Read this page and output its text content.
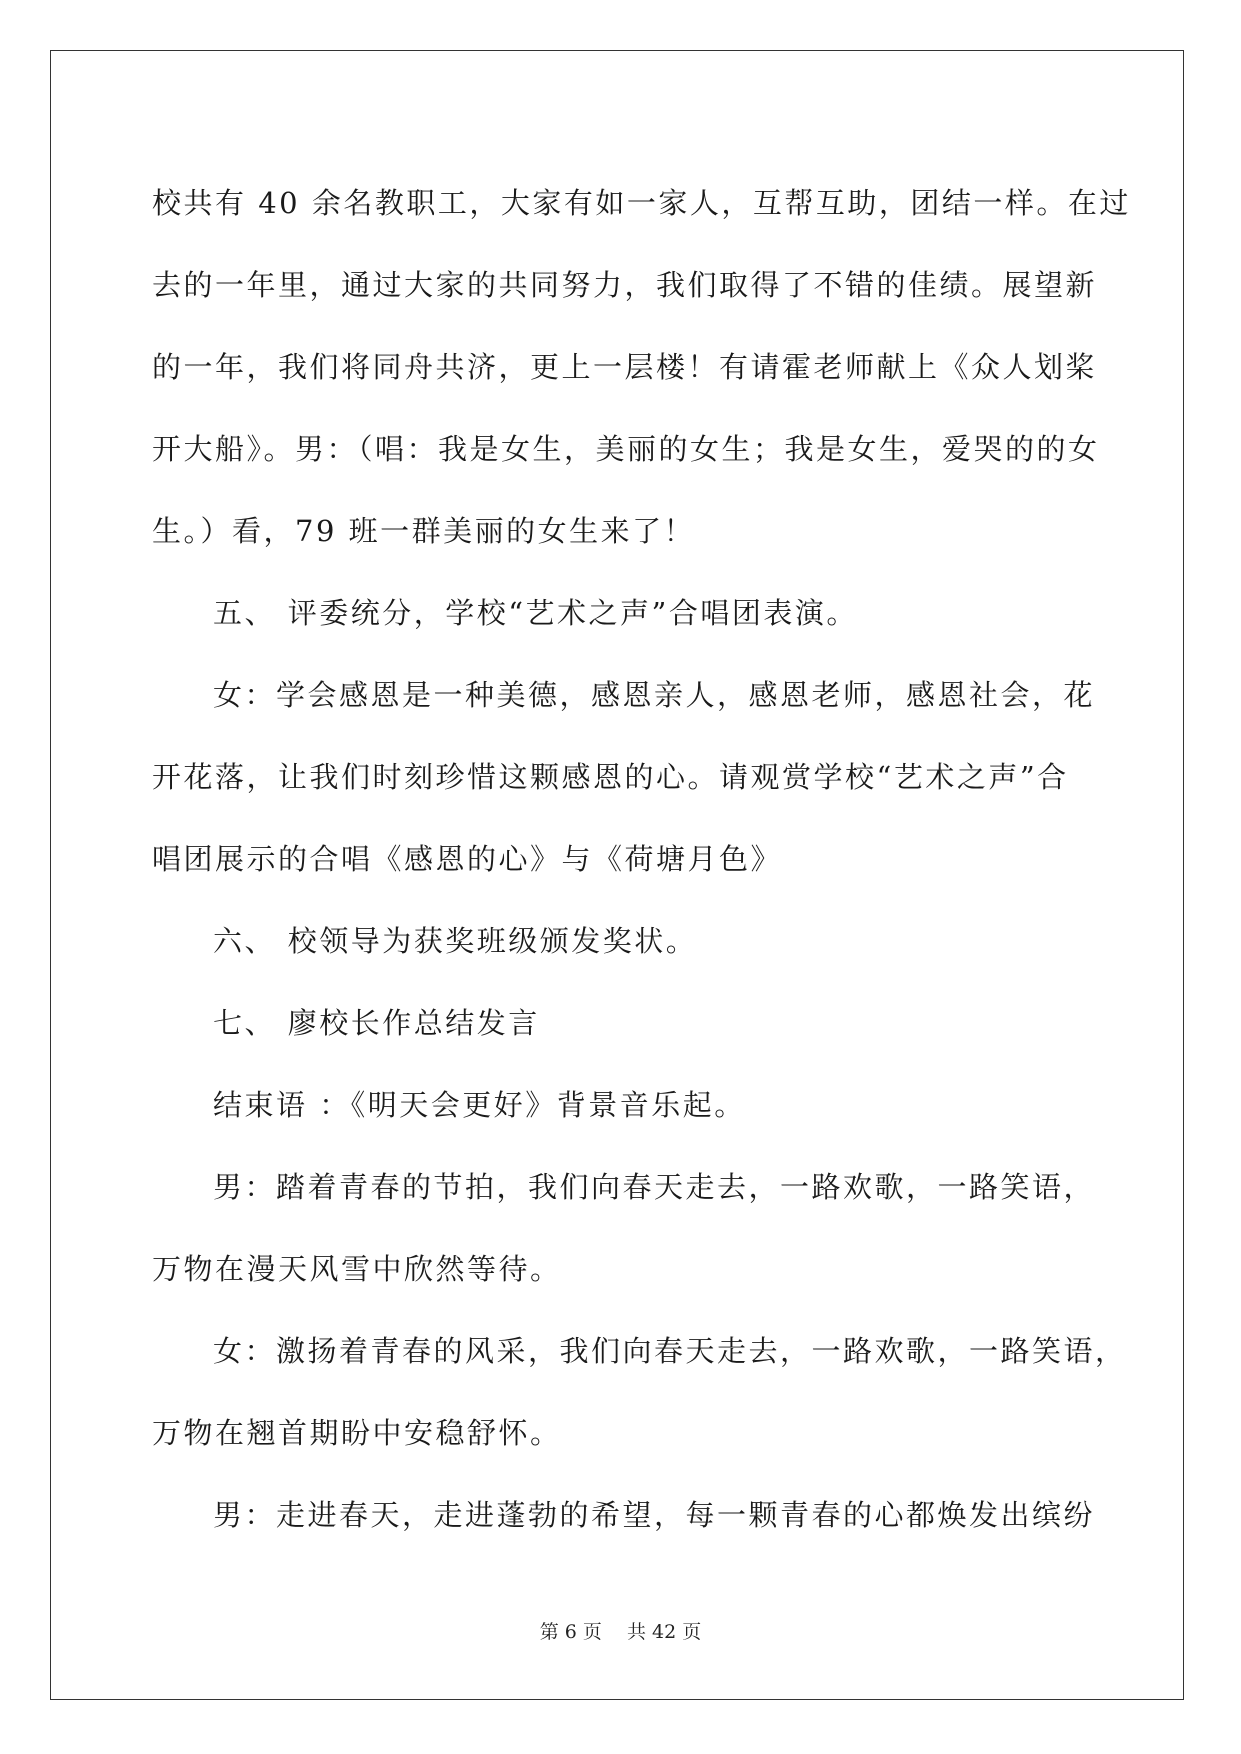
校共有 40 余名教职工，大家有如一家人，互帮互助，团结一样。在过
去的一年里，通过大家的共同努力，我们取得了不错的佳绩。展望新
的一年，我们将同舟共济，更上一层楼！有请霍老师献上《众人划桨
开大船》。男：（唱：我是女生，美丽的女生；我是女生，爱哭的的女
生。）看，79 班一群美丽的女生来了！
五、 评委统分，学校“艺术之声”合唱团表演。
女：学会感恩是一种美德，感恩亲人，感恩老师，感恩社会，花
开花落，让我们时刻珍惜这颗感恩的心。请观赏学校“艺术之声”合
唱团展示的合唱《感恩的心》与《荷塘月色》
六、 校领导为获奖班级颁发奖状。
七、 廖校长作总结发言
结束语 ：《明天会更好》背景音乐起。
男：踏着青春的节拍，我们向春天走去，一路欢歌，一路笑语，
万物在漫天风雪中欣然等待。
女：激扬着青春的风采，我们向春天走去，一路欢歌，一路笑语，
万物在翘首期盼中安稳舒怀。
男：走进春天，走进蓬勃的希望，每一颗青春的心都焕发出缤纷
第 6 页　 共 42 页
